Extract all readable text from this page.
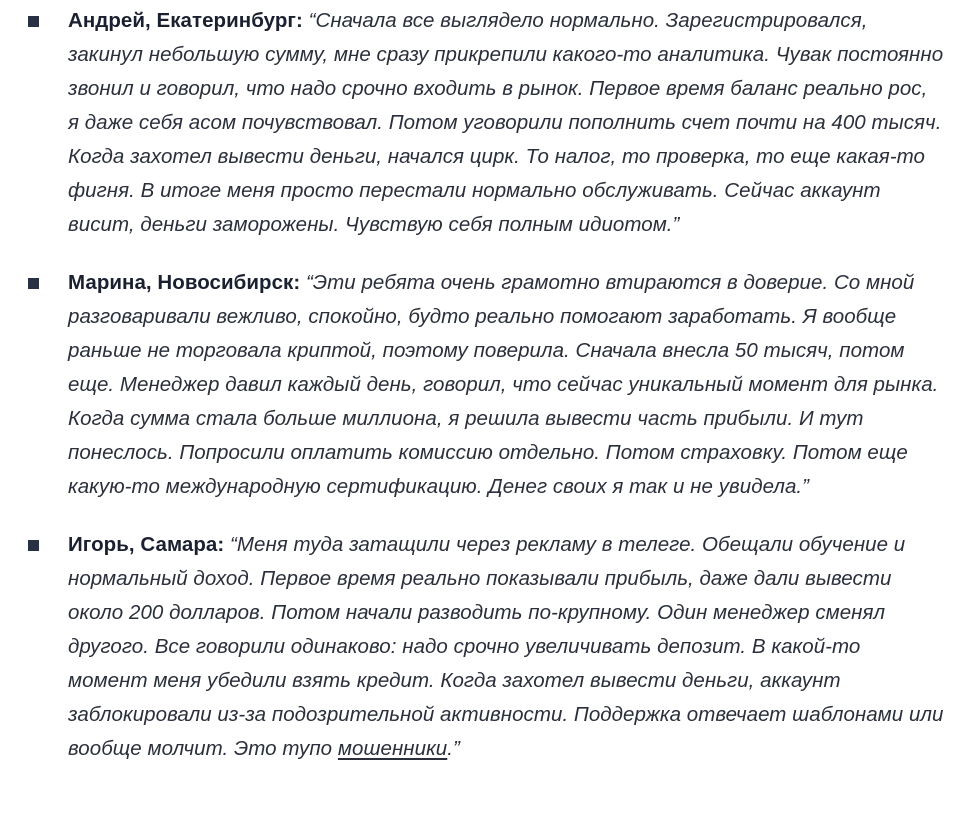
Андрей, Екатеринбург: “Сначала все выглядело нормально. Зарегистрировался, закинул небольшую сумму, мне сразу прикрепили какого-то аналитика. Чувак постоянно звонил и говорил, что надо срочно входить в рынок. Первое время баланс реально рос, я даже себя асом почувствовал. Потом уговорили пополнить счет почти на 400 тысяч. Когда захотел вывести деньги, начался цирк. То налог, то проверка, то еще какая-то фигня. В итоге меня просто перестали нормально обслуживать. Сейчас аккаунт висит, деньги заморожены. Чувствую себя полным идиотом.”
Марина, Новосибирск: “Эти ребята очень грамотно втираются в доверие. Со мной разговаривали вежливо, спокойно, будто реально помогают заработать. Я вообще раньше не торговала криптой, поэтому поверила. Сначала внесла 50 тысяч, потом еще. Менеджер давил каждый день, говорил, что сейчас уникальный момент для рынка. Когда сумма стала больше миллиона, я решила вывести часть прибыли. И тут понеслось. Попросили оплатить комиссию отдельно. Потом страховку. Потом еще какую-то международную сертификацию. Денег своих я так и не увидела.”
Игорь, Самара: “Меня туда затащили через рекламу в телеге. Обещали обучение и нормальный доход. Первое время реально показывали прибыль, даже дали вывести около 200 долларов. Потом начали разводить по-крупному. Один менеджер сменял другого. Все говорили одинаково: надо срочно увеличивать депозит. В какой-то момент меня убедили взять кредит. Когда захотел вывести деньги, аккаунт заблокировали из-за подозрительной активности. Поддержка отвечает шаблонами или вообще молчит. Это тупо мошенники.”
